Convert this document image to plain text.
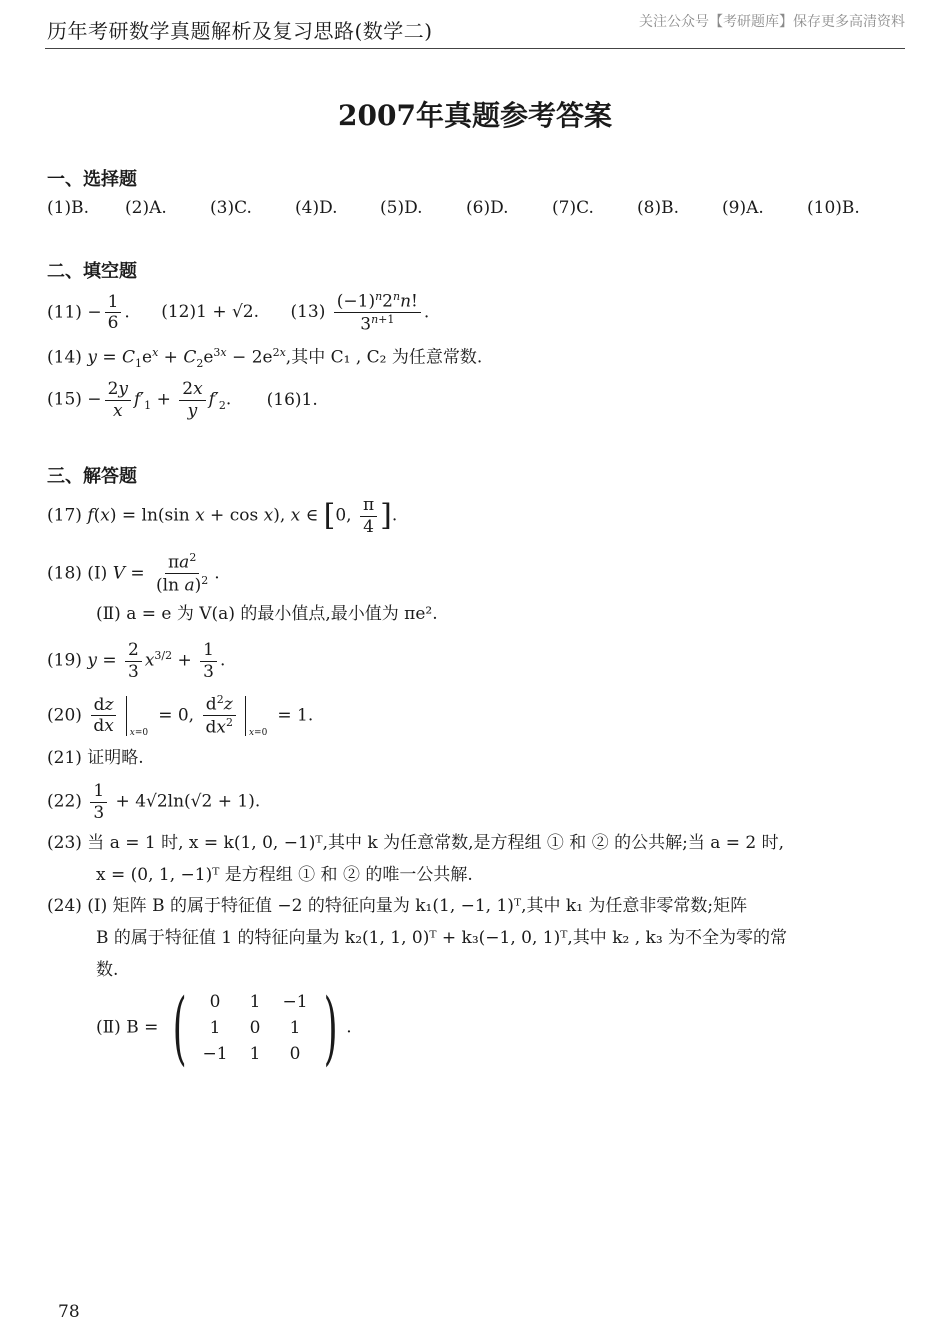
历年考研数学真题解析及复习思路(数学二)	关注公众号【考研题库】保存更多高清资料
2007年真题参考答案
一、选择题
(1)B. (2)A.	(3)C.	(4)D. (5)D.	(6)D.	(7)C.	(8)B.	(9)A.	(10)B.
二、填空题
$(11) - \frac{1}{6}$ . (12)1 + √2. $(13) \frac{(-1)^n2^nn!}{3^{n+1}}$ .
(14) $y = C_1e^x + C_2e^{3x} - 2e^{2x}$,其中 C₁ , C₂ 为任意常数.
$(15) - \frac{2y}{x} f'_1 + \frac{2x}{y} f'_2$. (16)1.
三、解答题
(17) f(x) = ln(sin x + cos x), x ∈ [0, $\frac{\pi}{4}$ ].
(18) (Ⅰ) $V = \frac{\pi a^2}{(\ln a)^2}$ .
(Ⅱ) a = e 为 V(a) 的最小值点,最小值为 πe².
(19) $y = \frac{2}{3} x^{3/2} + \frac{1}{3}$ .
$(20) \frac{dz}{dx} x=0$
= 0, $\frac{d^2z}{dx^2} x=0$
= 1.
(21) 证明略.
$(22) \frac{1}{3} + 4√2\ln(√2 + 1)$.
(23) 当 a = 1 时, x = k(1, 0, −1)ᵀ,其中 k 为任意常数,是方程组 ① 和 ② 的公共解;当 a = 2 时,
x = (0, 1, −1)ᵀ 是方程组 ① 和 ② 的唯一公共解.
(24) (Ⅰ) 矩阵 B 的属于特征值 −2 的特征向量为 k₁(1, −1, 1)ᵀ,其中 k₁ 为任意非零常数;矩阵
B 的属于特征值 1 的特征向量为 k₂(1, 1, 0)ᵀ + k₃(−1, 0, 1)ᵀ,其中 k₂ , k₃ 为不全为零的常
数.
(Ⅱ) B = (	0	1	−1
1	0	1
−1	1	0 ) .
78
